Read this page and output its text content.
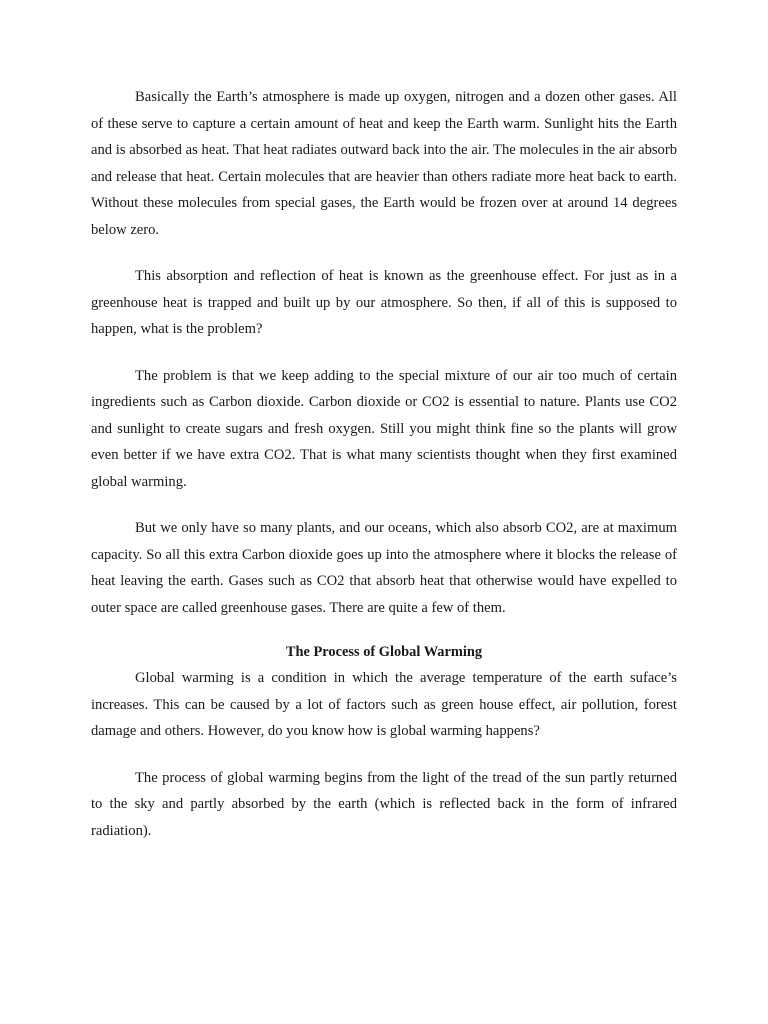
Basically the Earth’s atmosphere is made up oxygen, nitrogen and a dozen other gases. All of these serve to capture a certain amount of heat and keep the Earth warm. Sunlight hits the Earth and is absorbed as heat. That heat radiates outward back into the air. The molecules in the air absorb and release that heat. Certain molecules that are heavier than others radiate more heat back to earth. Without these molecules from special gases, the Earth would be frozen over at around 14 degrees below zero.

This absorption and reflection of heat is known as the greenhouse effect. For just as in a greenhouse heat is trapped and built up by our atmosphere. So then, if all of this is supposed to happen, what is the problem?

The problem is that we keep adding to the special mixture of our air too much of certain ingredients such as Carbon dioxide. Carbon dioxide or CO2 is essential to nature. Plants use CO2 and sunlight to create sugars and fresh oxygen. Still you might think fine so the plants will grow even better if we have extra CO2. That is what many scientists thought when they first examined global warming.

But we only have so many plants, and our oceans, which also absorb CO2, are at maximum capacity. So all this extra Carbon dioxide goes up into the atmosphere where it blocks the release of heat leaving the earth. Gases such as CO2 that absorb heat that otherwise would have expelled to outer space are called greenhouse gases. There are quite a few of them.

The Process of Global Warming

Global warming is a condition in which the average temperature of the earth suface’s increases. This can be caused by a lot of factors such as green house effect, air pollution, forest damage and others. However, do you know how is global warming happens?

The process of global warming begins from the light of the tread of the sun partly returned to the sky and partly absorbed by the earth (which is reflected back in the form of infrared radiation).
